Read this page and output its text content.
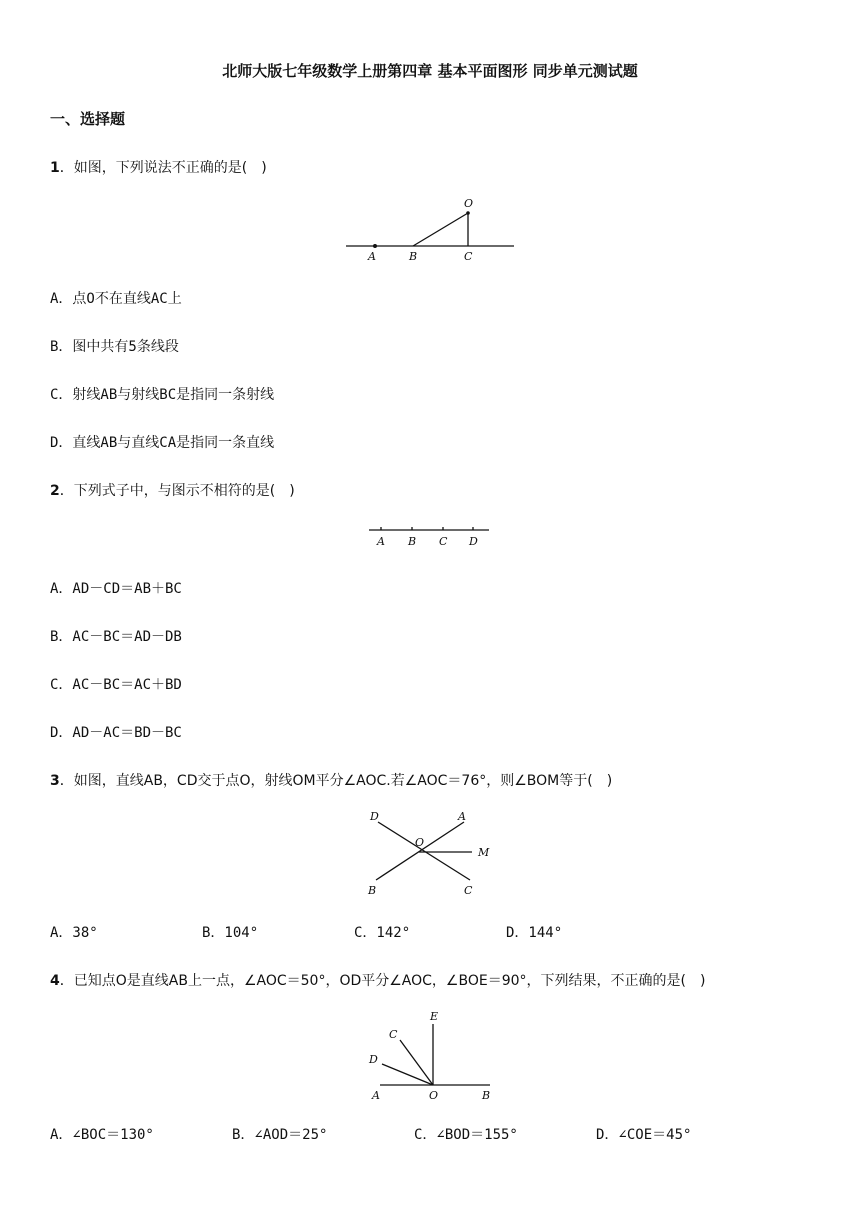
北师大版七年级数学上册第四章 基本平面图形 同步单元测试题
一、选择题
1．如图，下列说法不正确的是(　)
O
A	B	C
A．点O不在直线AC上
B．图中共有5条线段
C．射线AB与射线BC是指同一条射线
D．直线AB与直线CA是指同一条直线
2．下列式子中，与图示不相符的是(　)
A B C D
A．AD－CD＝AB＋BC
B．AC－BC＝AD－DB
C．AC－BC＝AC＋BD
D．AD－AC＝BD－BC
3．如图，直线AB，CD交于点O，射线OM平分∠AOC.若∠AOC＝76°，则∠BOM等于(　)
D
O
A
M
B	C
A．38°	B．104°	C．142°	D．144°
4．已知点O是直线AB上一点，∠AOC＝50°，OD平分∠AOC，∠BOE＝90°，下列结果，不正确的是(　)
E
C
D
A	O	B
A．∠BOC＝130°	B．∠AOD＝25°	C．∠BOD＝155°	D．∠COE＝45°
